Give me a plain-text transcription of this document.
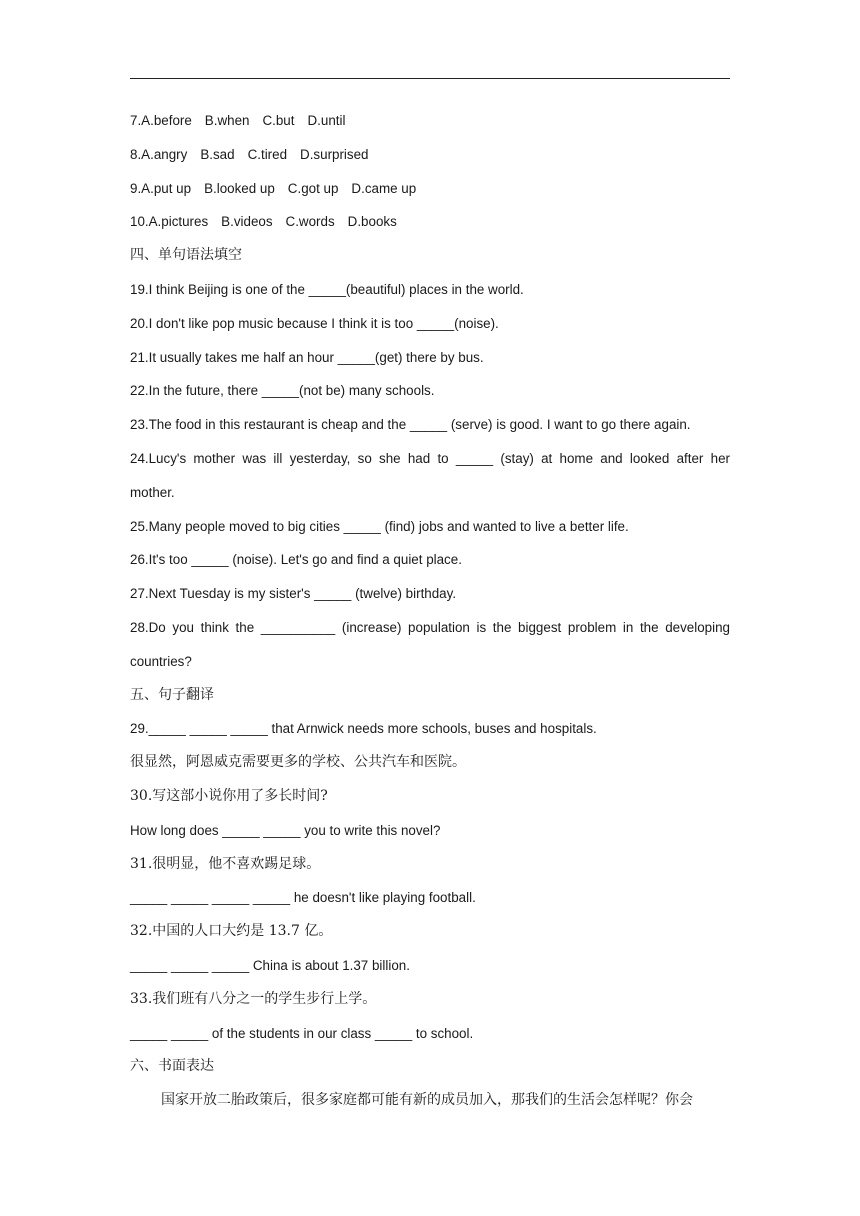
7.A.before B.when C.but D.until
8.A.angry B.sad C.tired D.surprised
9.A.put up B.looked up C.got up D.came up
10.A.pictures B.videos C.words D.books
四、单句语法填空
19.I think Beijing is one of the _____(beautiful) places in the world.
20.I don't like pop music because I think it is too _____(noise).
21.It usually takes me half an hour _____(get) there by bus.
22.In the future, there _____(not be) many schools.
23.The food in this restaurant is cheap and the _____ (serve) is good. I want to go there again.
24.Lucy's mother was ill yesterday, so she had to _____ (stay) at home and looked after her
mother.
25.Many people moved to big cities _____ (find) jobs and wanted to live a better life.
26.It's too _____ (noise). Let's go and find a quiet place.
27.Next Tuesday is my sister's _____ (twelve) birthday.
28.Do you think the __________ (increase) population is the biggest problem in the developing
countries?
五、句子翻译
29._____ _____ _____ that Arnwick needs more schools, buses and hospitals.
很显然，阿恩威克需要更多的学校、公共汽车和医院。
30.写这部小说你用了多长时间?
How long does _____ _____ you to write this novel?
31.很明显，他不喜欢踢足球。
_____ _____ _____ _____ he doesn't like playing football.
32.中国的人口大约是 13.7 亿。
_____ _____ _____ China is about 1.37 billion.
33.我们班有八分之一的学生步行上学。
_____ _____ of the students in our class _____ to school.
六、书面表达
国家开放二胎政策后，很多家庭都可能有新的成员加入，那我们的生活会怎样呢？你会
